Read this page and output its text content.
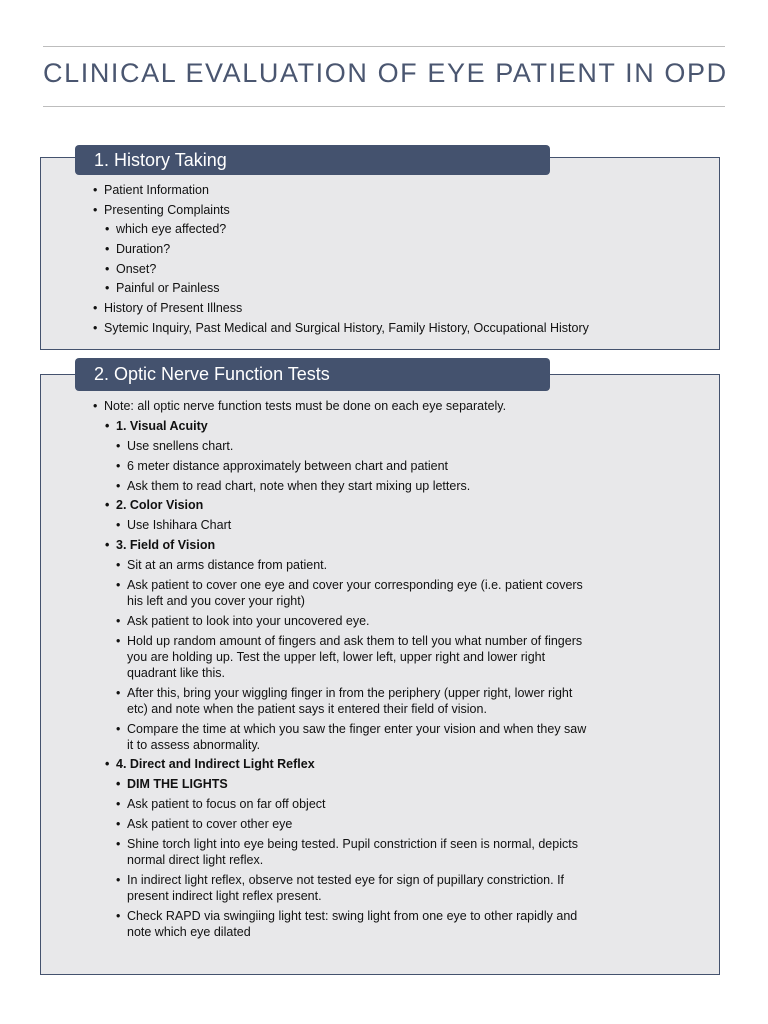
CLINICAL EVALUATION OF EYE PATIENT IN OPD
1. History Taking
• Patient Information
• Presenting Complaints
• which eye affected?
• Duration?
• Onset?
• Painful or Painless
• History of Present Illness
• Sytemic Inquiry, Past Medical and Surgical History, Family History, Occupational History
2. Optic Nerve Function Tests
• Note: all optic nerve function tests must be done on each eye separately.
• 1. Visual Acuity
• Use snellens chart.
• 6 meter distance approximately between chart and patient
• Ask them to read chart, note when they start mixing up letters.
• 2. Color Vision
• Use Ishihara Chart
• 3. Field of Vision
• Sit at an arms distance from patient.
• Ask patient to cover one eye and cover your corresponding eye (i.e. patient covers his left and you cover your right)
• Ask patient to look into your uncovered eye.
• Hold up random amount of fingers and ask them to tell you what number of fingers you are holding up. Test the upper left, lower left, upper right and lower right quadrant like this.
• After this, bring your wiggling finger in from the periphery (upper right, lower right etc) and note when the patient says it entered their field of vision.
• Compare the time at which you saw the finger enter your vision and when they saw it to assess abnormality.
• 4. Direct and Indirect Light Reflex
• DIM THE LIGHTS
• Ask patient to focus on far off object
• Ask patient to cover other eye
• Shine torch light into eye being tested. Pupil constriction if seen is normal, depicts normal direct light reflex.
• In indirect light reflex, observe not tested eye for sign of pupillary constriction. If present indirect light reflex present.
• Check RAPD via swingiing light test: swing light from one eye to other rapidly and note which eye dilated
